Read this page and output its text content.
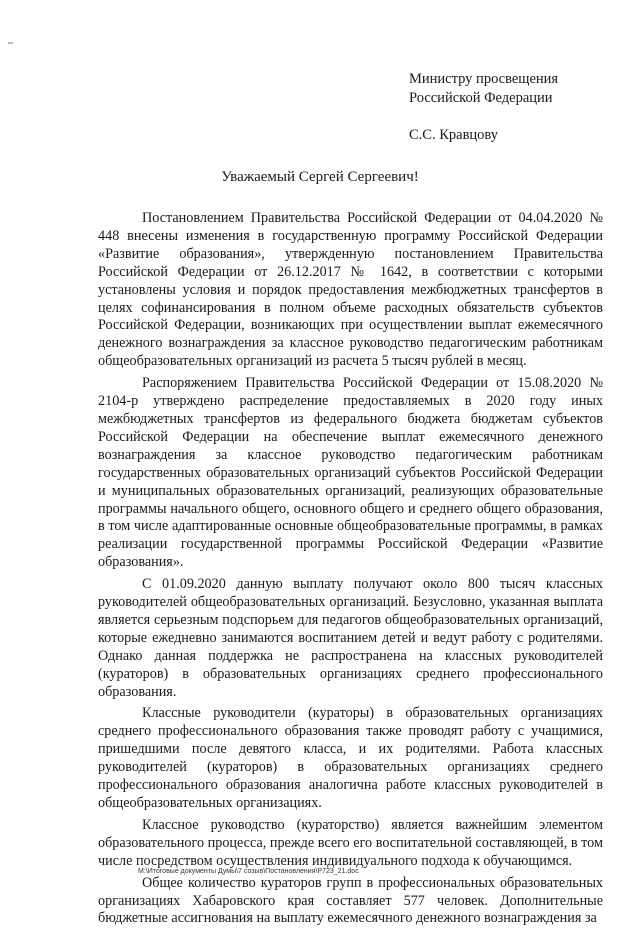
Министру просвещения
Российской Федерации
С.С. Кравцову
Уважаемый Сергей Сергеевич!

Постановлением Правительства Российской Федерации от 04.04.2020 № 448 внесены изменения в государственную программу Российской Федерации «Развитие образования», утвержденную постановлением Правительства Российской Федерации от 26.12.2017 № 1642, в соответствии с которыми установлены условия и порядок предоставления межбюджетных трансфертов в целях софинансирования в полном объеме расходных обязательств субъектов Российской Федерации, возникающих при осуществлении выплат ежемесячного денежного вознаграждения за классное руководство педагогическим работникам общеобразовательных организаций из расчета 5 тысяч рублей в месяц.

Распоряжением Правительства Российской Федерации от 15.08.2020 № 2104-р утверждено распределение предоставляемых в 2020 году иных межбюджетных трансфертов из федерального бюджета бюджетам субъектов Российской Федерации на обеспечение выплат ежемесячного денежного вознаграждения за классное руководство педагогическим работникам государственных образовательных организаций субъектов Российской Федерации и муниципальных образовательных организаций, реализующих образовательные программы начального общего, основного общего и среднего общего образования, в том числе адаптированные основные общеобразовательные программы, в рамках реализации государственной программы Российской Федерации «Развитие образования».

С 01.09.2020 данную выплату получают около 800 тысяч классных руководителей общеобразовательных организаций. Безусловно, указанная выплата является серьезным подспорьем для педагогов общеобразовательных организаций, которые ежедневно занимаются воспитанием детей и ведут работу с родителями. Однако данная поддержка не распространена на классных руководителей (кураторов) в образовательных организациях среднего профессионального образования.

Классные руководители (кураторы) в образовательных организациях среднего профессионального образования также проводят работу с учащимися, пришедшими после девятого класса, и их родителями. Работа классных руководителей (кураторов) в образовательных организациях среднего профессионального образования аналогична работе классных руководителей в общеобразовательных организациях.

Классное руководство (кураторство) является важнейшим элементом образовательного процесса, прежде всего его воспитательной составляющей, в том числе посредством осуществления индивидуального подхода к обучающимся.

Общее количество кураторов групп в профессиональных образовательных организациях Хабаровского края составляет 577 человек. Дополнительные бюджетные ассигнования на выплату ежемесячного денежного вознаграждения за

М:\Итоговые документы Думы\7 созыв\Постановления\Р723_21.doc
